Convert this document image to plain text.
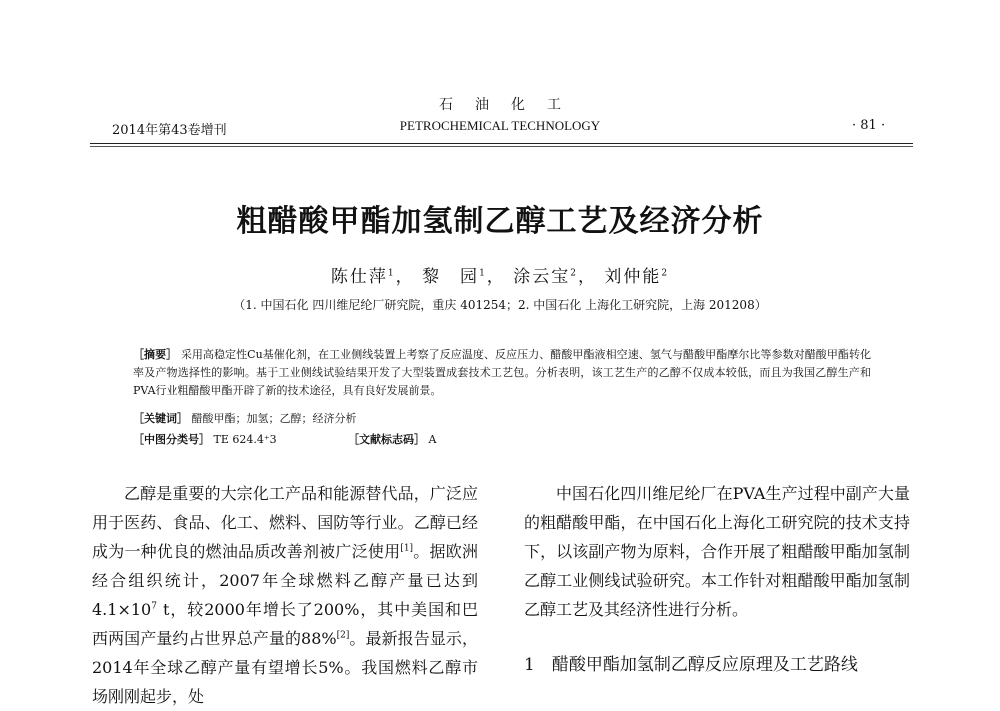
2014年第43卷增刊
石油化工
PETROCHEMICAL TECHNOLOGY	· 81 ·
粗醋酸甲酯加氢制乙醇工艺及经济分析
陈仕萍$^1$， 黎　园$^1$， 涂云宝$^2$， 刘仲能$^2$
（1. 中国石化 四川维尼纶厂研究院，重庆 401254；2. 中国石化 上海化工研究院，上海 201208）
［摘要］ 采用高稳定性Cu基催化剂，在工业侧线装置上考察了反应温度、反应压力、醋酸甲酯液相空速、氢气与醋酸甲酯摩尔比等参数对醋酸甲酯转化率及产物选择性的影响。基于工业侧线试验结果开发了大型装置成套技术工艺包。分析表明，该工艺生产的乙醇不仅成本较低，而且为我国乙醇生产和PVA行业粗醋酸甲酯开辟了新的技术途径，具有良好发展前景。
［关键词］ 醋酸甲酯；加氢；乙醇；经济分析
［中图分类号］ TE 624.4⁺3	［文献标志码］ A
乙醇是重要的大宗化工产品和能源替代品，广泛应用于医药、食品、化工、燃料、国防等行业。乙醇已经成为一种优良的燃油品质改善剂被广泛使用[1]。据欧洲经合组织统计，2007年全球燃料乙醇产量已达到$4.1\times 10^7$ t，较2000年增长了200%，其中美国和巴西两国产量约占世界总产量的88%[2]。最新报告显示，2014年全球乙醇产量有望增长5%。我国燃料乙醇市场刚刚起步，处
中国石化四川维尼纶厂在PVA生产过程中副产大量的粗醋酸甲酯，在中国石化上海化工研究院的技术支持下，以该副产物为原料，合作开展了粗醋酸甲酯加氢制乙醇工业侧线试验研究。本工作针对粗醋酸甲酯加氢制乙醇工艺及其经济性进行分析。
1　醋酸甲酯加氢制乙醇反应原理及工艺路线
